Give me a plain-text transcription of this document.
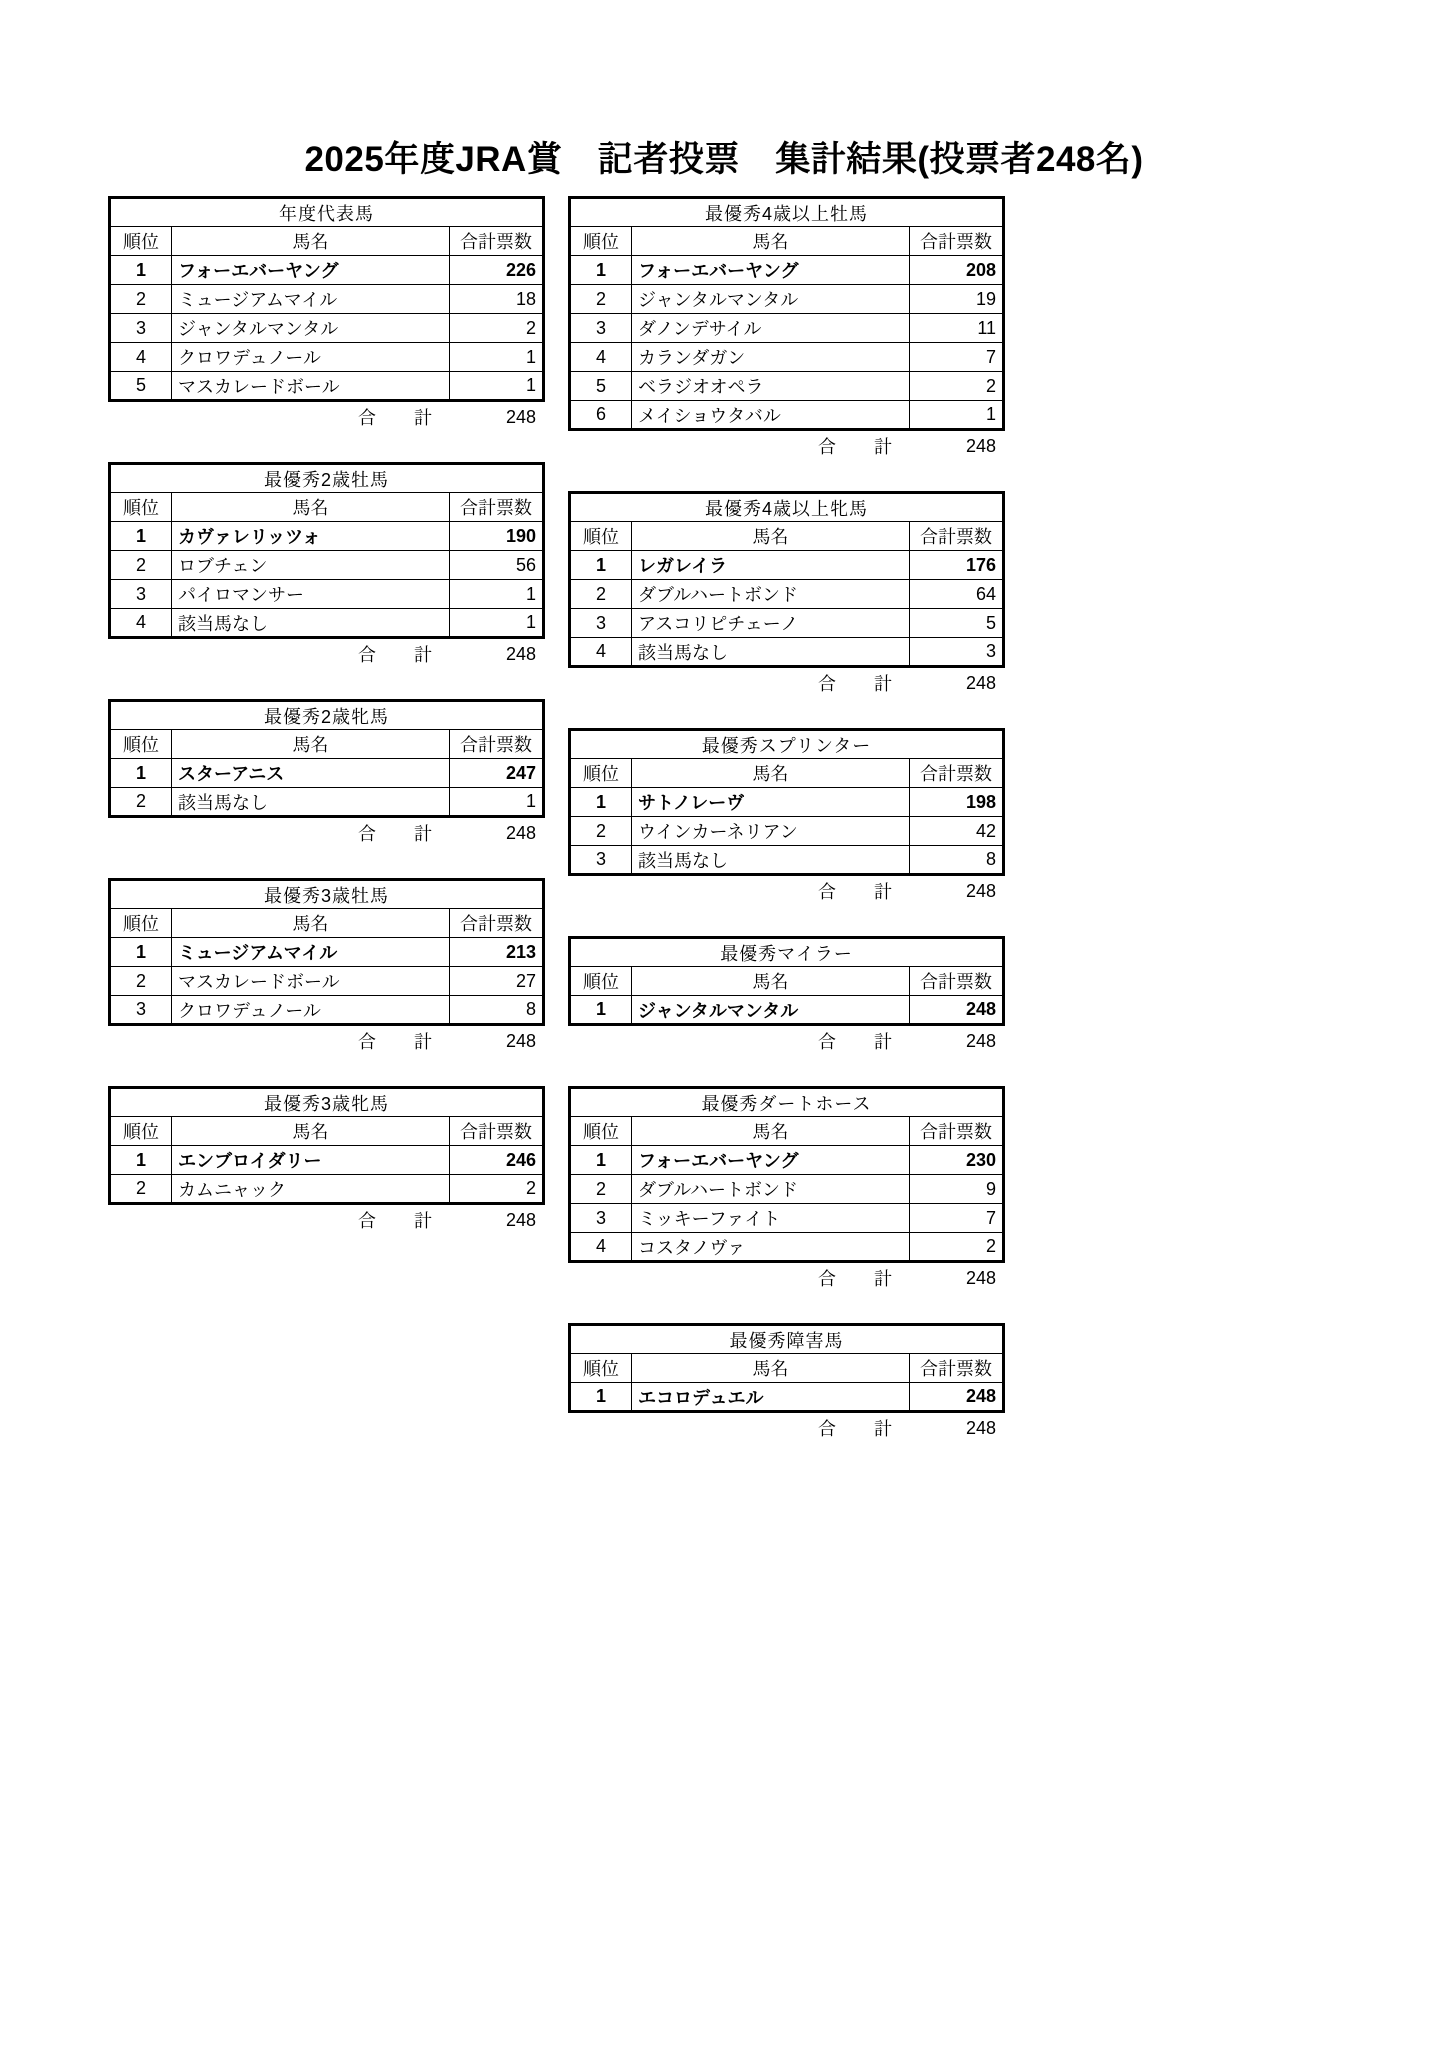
2025年度JRA賞　記者投票　集計結果(投票者248名)
年度代表馬		
順位	馬名	合計票数
1	フォーエバーヤング	226
2	ミュージアムマイル	18
3	ジャンタルマンタル	2
4	クロワデュノール	1
5	マスカレードボール	1
	合　計	248
最優秀2歳牡馬		
順位	馬名	合計票数
1	カヴァレリッツォ	190
2	ロブチェン	56
3	パイロマンサー	1
4	該当馬なし	1
	合　計	248
最優秀2歳牝馬		
順位	馬名	合計票数
1	スターアニス	247
2	該当馬なし	1
	合　計	248
最優秀3歳牡馬		
順位	馬名	合計票数
1	ミュージアムマイル	213
2	マスカレードボール	27
3	クロワデュノール	8
	合　計	248
最優秀3歳牝馬		
順位	馬名	合計票数
1	エンブロイダリー	246
2	カムニャック	2
	合　計	248
最優秀4歳以上牡馬		
順位	馬名	合計票数
1	フォーエバーヤング	208
2	ジャンタルマンタル	19
3	ダノンデサイル	11
4	カランダガン	7
5	ベラジオオペラ	2
6	メイショウタバル	1
	合　計	248
最優秀4歳以上牝馬		
順位	馬名	合計票数
1	レガレイラ	176
2	ダブルハートボンド	64
3	アスコリピチェーノ	5
4	該当馬なし	3
	合　計	248
最優秀スプリンター		
順位	馬名	合計票数
1	サトノレーヴ	198
2	ウインカーネリアン	42
3	該当馬なし	8
	合　計	248
最優秀マイラー		
順位	馬名	合計票数
1	ジャンタルマンタル	248
	合　計	248
最優秀ダートホース		
順位	馬名	合計票数
1	フォーエバーヤング	230
2	ダブルハートボンド	9
3	ミッキーファイト	7
4	コスタノヴァ	2
	合　計	248
最優秀障害馬		
順位	馬名	合計票数
1	エコロデュエル	248
	合　計	248
